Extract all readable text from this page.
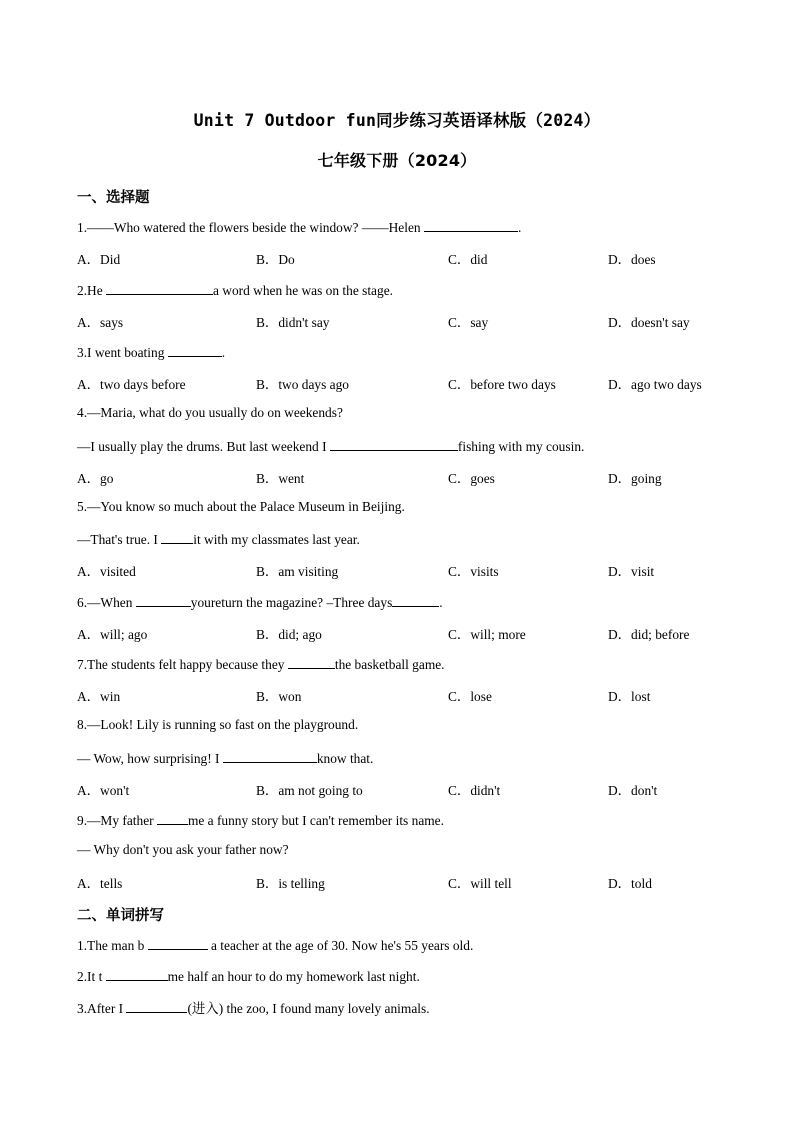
Unit 7 Outdoor fun同步练习英语译林版（2024）
七年级下册（2024）
一、选择题
1.——Who watered the flowers beside the window? ——Helen	.
A．Did	B．Do	C．did	D．does
2.He	a word when he was on the stage.
A．says	B．didn't say	C．say	D．doesn't say
3.I went boating	.
A．two days before	B．two days ago	C．before two days	D．ago two days
4.—Maria, what do you usually do on weekends?
—I usually play the drums. But last weekend I	fishing with my cousin.
A．go	B．went	C．goes	D．going
5.—You know so much about the Palace Museum in Beijing.
—That's true. I it with my classmates last year.
A．visited	B．am visiting	C．visits	D．visit
6.—When	youreturn the magazine? –Three days	.
A．will; ago	B．did; ago	C．will; more	D．did; before
7.The students felt happy because they	the basketball game.
A．win	B．won	C．lose	D．lost
8.—Look! Lily is running so fast on the playground.
— Wow, how surprising! I	know that.
A．won't	B．am not going to	C．didn't	D．don't
9.—My father me a funny story but I can't remember its name.
— Why don't you ask your father now?
A．tells	B．is telling	C．will tell	D．told
二、单词拼写
1.The man b	a teacher at the age of 30. Now he's 55 years old.
2.It t	me half an hour to do my homework last night.
3.After I	(进入) the zoo, I found many lovely animals.
